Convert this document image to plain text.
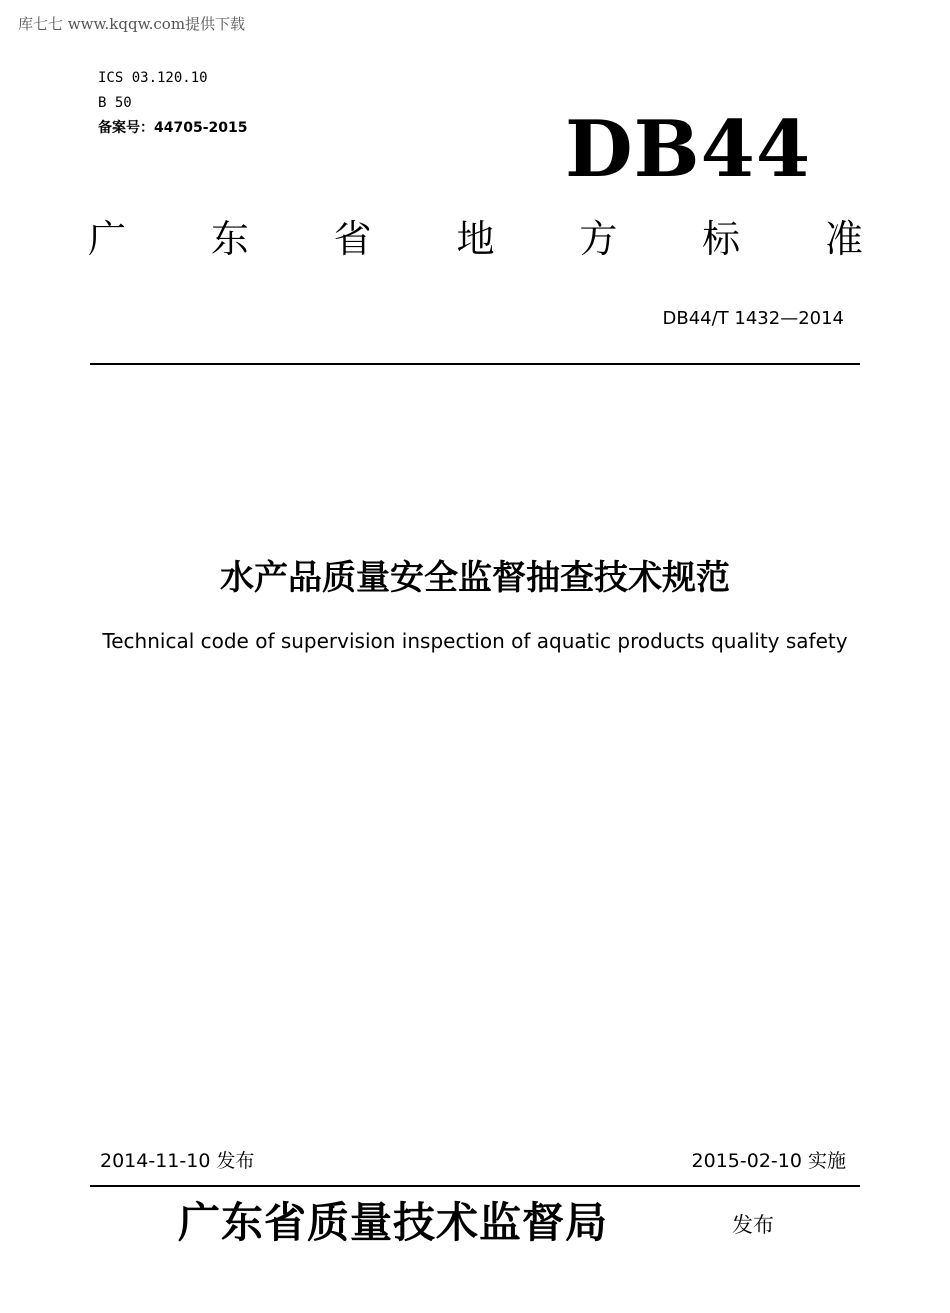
库七七 www.kqqw.com提供下载
ICS 03.120.10
B 50
备案号：44705-2015	DB44
广 东 省 地 方 标 准
DB44/T 1432—2014
水产品质量安全监督抽查技术规范
Technical code of supervision inspection of aquatic products quality safety
2014-11-10 发布	2015-02-10 实施
广东省质量技术监督局	发布
